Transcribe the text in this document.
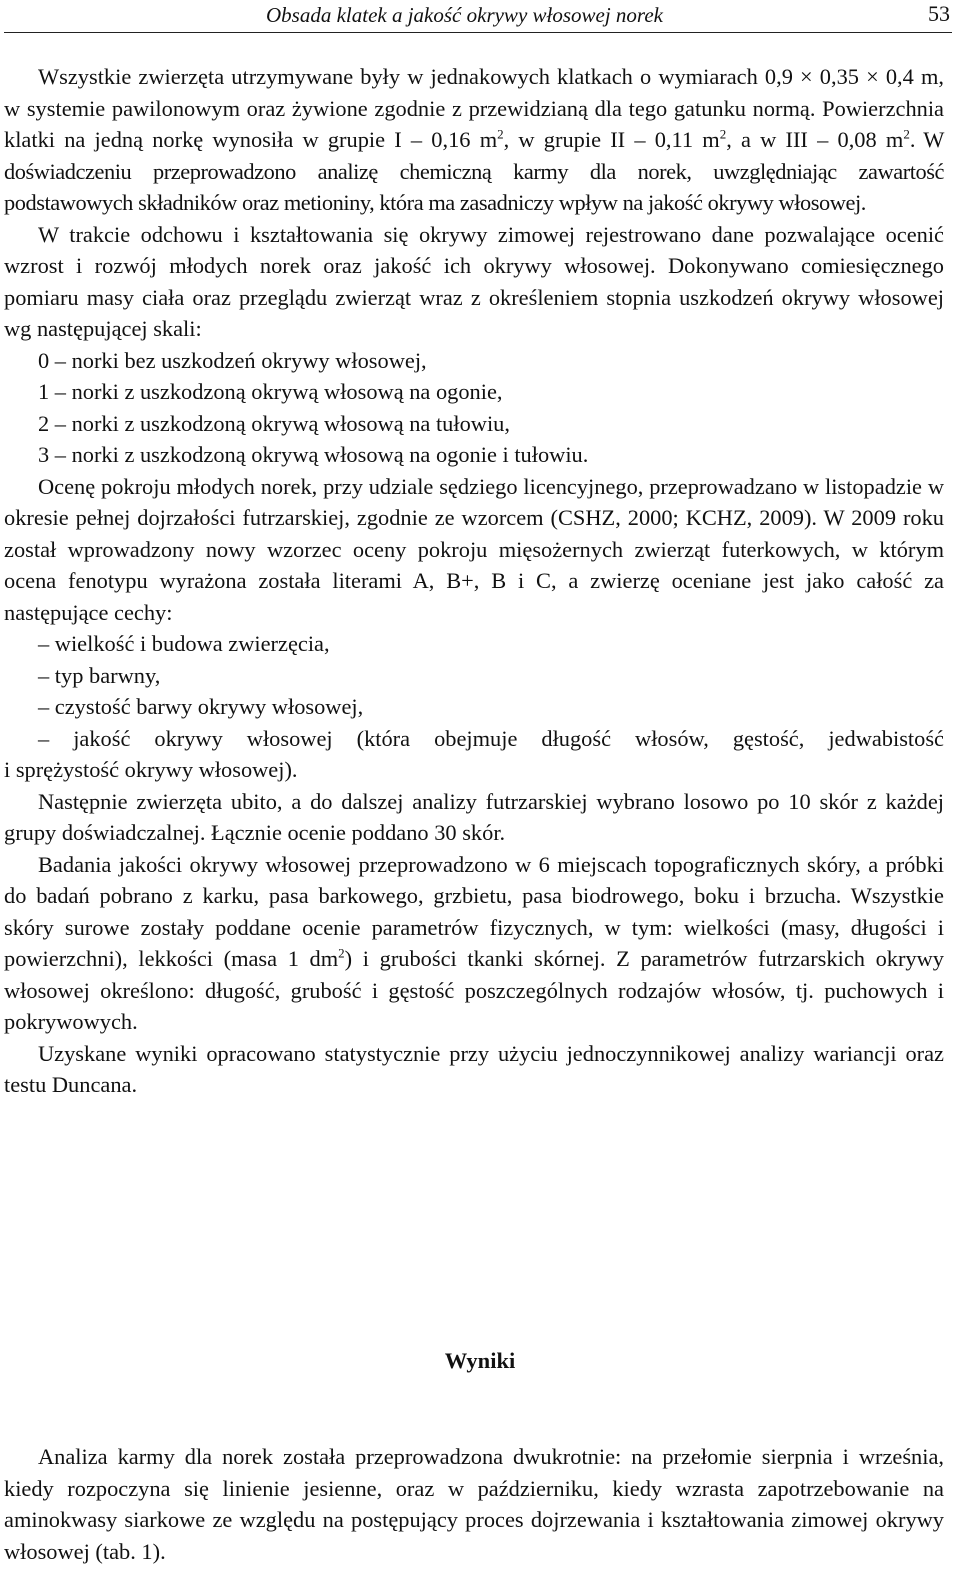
Obsada klatek a jakość okrywy włosowej norek	53

Wszystkie zwierzęta utrzymywane były w jednakowych klatkach o wymiarach 0,9 × 0,35 × 0,4 m, w systemie pawilonowym oraz żywione zgodnie z przewidzianą dla tego gatunku normą. Powierzchnia klatki na jedną norkę wynosiła w grupie I – 0,16 $m^2$, w grupie II – 0,11 $m^2$, a w III – 0,08 $m^2$. W doświadczeniu przeprowadzono analizę chemiczną karmy dla norek, uwzględniając zawartość podstawowych składników oraz metioniny, która ma zasadniczy wpływ na jakość okrywy włosowej.

W trakcie odchowu i kształtowania się okrywy zimowej rejestrowano dane pozwalające ocenić wzrost i rozwój młodych norek oraz jakość ich okrywy włosowej. Dokonywano comiesięcznego pomiaru masy ciała oraz przeglądu zwierząt wraz z określeniem stopnia uszkodzeń okrywy włosowej wg następującej skali:

0 – norki bez uszkodzeń okrywy włosowej,
1 – norki z uszkodzoną okrywą włosową na ogonie,
2 – norki z uszkodzoną okrywą włosową na tułowiu,
3 – norki z uszkodzoną okrywą włosową na ogonie i tułowiu.

Ocenę pokroju młodych norek, przy udziale sędziego licencyjnego, przeprowadzano w listopadzie w okresie pełnej dojrzałości futrzarskiej, zgodnie ze wzorcem (CSHZ, 2000; KCHZ, 2009). W 2009 roku został wprowadzony nowy wzorzec oceny pokroju mięsożernych zwierząt futerkowych, w którym ocena fenotypu wyrażona została literami A, B+, B i C, a zwierzę oceniane jest jako całość za następujące cechy:

– wielkość i budowa zwierzęcia,
– typ barwny,
– czystość barwy okrywy włosowej,
– jakość okrywy włosowej (która obejmuje długość włosów, gęstość, jedwabistość
i sprężystość okrywy włosowej).

Następnie zwierzęta ubito, a do dalszej analizy futrzarskiej wybrano losowo po 10 skór z każdej grupy doświadczalnej. Łącznie ocenie poddano 30 skór.

Badania jakości okrywy włosowej przeprowadzono w 6 miejscach topograficznych skóry, a próbki do badań pobrano z karku, pasa barkowego, grzbietu, pasa biodrowego, boku i brzucha. Wszystkie skóry surowe zostały poddane ocenie parametrów fizycznych, w tym: wielkości (masy, długości i powierzchni), lekkości (masa 1 $dm^2$) i grubości tkanki skórnej. Z parametrów futrzarskich okrywy włosowej określono: długość, grubość i gęstość poszczególnych rodzajów włosów, tj. puchowych i pokrywowych.

Uzyskane wyniki opracowano statystycznie przy użyciu jednoczynnikowej analizy wariancji oraz testu Duncana.

Wyniki

Analiza karmy dla norek została przeprowadzona dwukrotnie: na przełomie sierpnia i września, kiedy rozpoczyna się linienie jesienne, oraz w październiku, kiedy wzrasta zapotrzebowanie na aminokwasy siarkowe ze względu na postępujący proces dojrzewania i kształtowania zimowej okrywy włosowej (tab. 1).
